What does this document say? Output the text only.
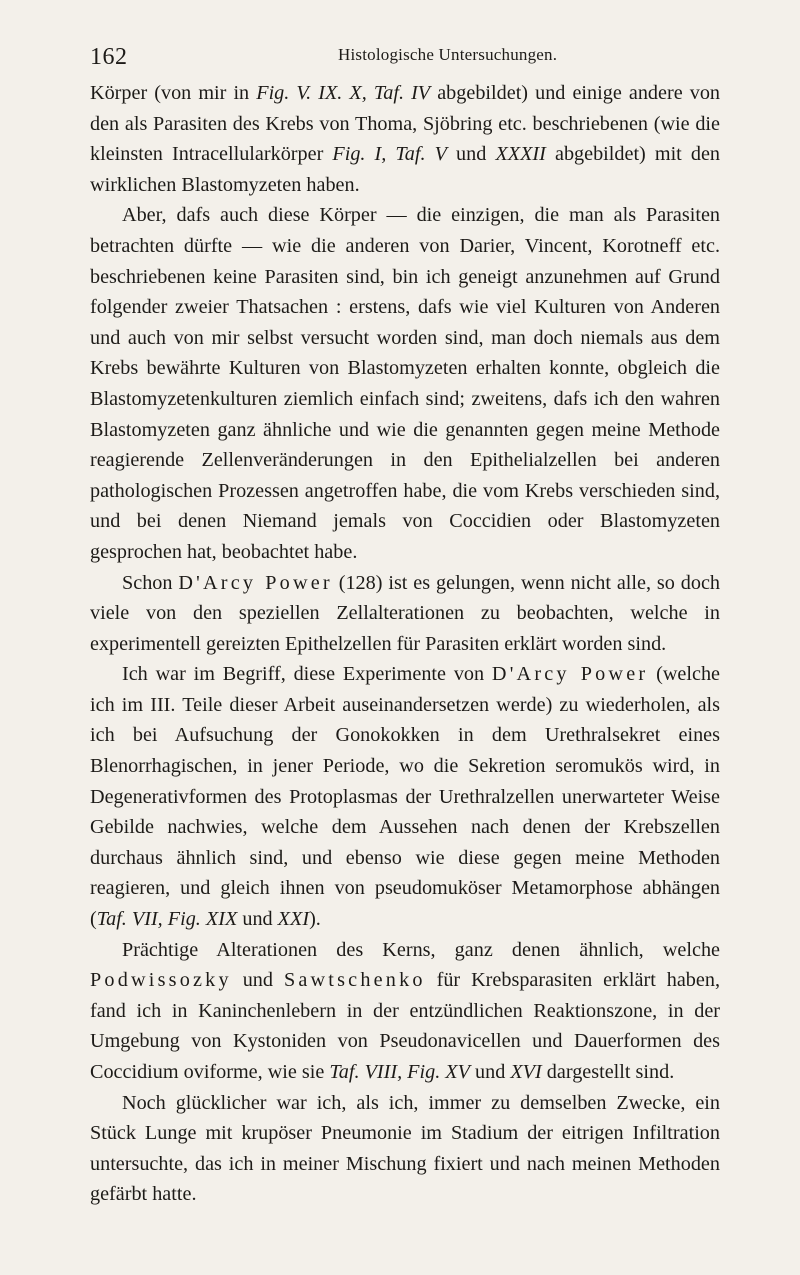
162	Histologische Untersuchungen.

Körper (von mir in Fig. V. IX. X, Taf. IV abgebildet) und einige andere von den als Parasiten des Krebs von Thoma, Sjöbring etc. beschriebenen (wie die kleinsten Intracellularkörper Fig. I, Taf. V und XXXII abgebildet) mit den wirklichen Blastomyzeten haben.

Aber, dafs auch diese Körper — die einzigen, die man als Parasiten betrachten dürfte — wie die anderen von Darier, Vincent, Korotneff etc. beschriebenen keine Parasiten sind, bin ich geneigt anzunehmen auf Grund folgender zweier Thatsachen : erstens, dafs wie viel Kulturen von Anderen und auch von mir selbst versucht worden sind, man doch niemals aus dem Krebs bewährte Kulturen von Blastomyzeten erhalten konnte, obgleich die Blastomyzetenkulturen ziemlich einfach sind; zweitens, dafs ich den wahren Blastomyzeten ganz ähnliche und wie die genannten gegen meine Methode reagierende Zellenveränderungen in den Epithelialzellen bei anderen pathologischen Prozessen angetroffen habe, die vom Krebs verschieden sind, und bei denen Niemand jemals von Coccidien oder Blastomyzeten gesprochen hat, beobachtet habe.

Schon D'Arcy Power (128) ist es gelungen, wenn nicht alle, so doch viele von den speziellen Zellalterationen zu beobachten, welche in experimentell gereizten Epithelzellen für Parasiten erklärt worden sind.

Ich war im Begriff, diese Experimente von D'Arcy Power (welche ich im III. Teile dieser Arbeit auseinandersetzen werde) zu wiederholen, als ich bei Aufsuchung der Gonokokken in dem Urethralsekret eines Blenorrhagischen, in jener Periode, wo die Sekretion seromukös wird, in Degenerativformen des Protoplasmas der Urethralzellen unerwarteter Weise Gebilde nachwies, welche dem Aussehen nach denen der Krebszellen durchaus ähnlich sind, und ebenso wie diese gegen meine Methoden reagieren, und gleich ihnen von pseudomuköser Metamorphose abhängen (Taf. VII, Fig. XIX und XXI).

Prächtige Alterationen des Kerns, ganz denen ähnlich, welche Podwissozky und Sawtschenko für Krebsparasiten erklärt haben, fand ich in Kaninchenlebern in der entzündlichen Reaktionszone, in der Umgebung von Kystoniden von Pseudonavicellen und Dauerformen des Coccidium oviforme, wie sie Taf. VIII, Fig. XV und XVI dargestellt sind.

Noch glücklicher war ich, als ich, immer zu demselben Zwecke, ein Stück Lunge mit krupöser Pneumonie im Stadium der eitrigen Infiltration untersuchte, das ich in meiner Mischung fixiert und nach meinen Methoden gefärbt hatte.
